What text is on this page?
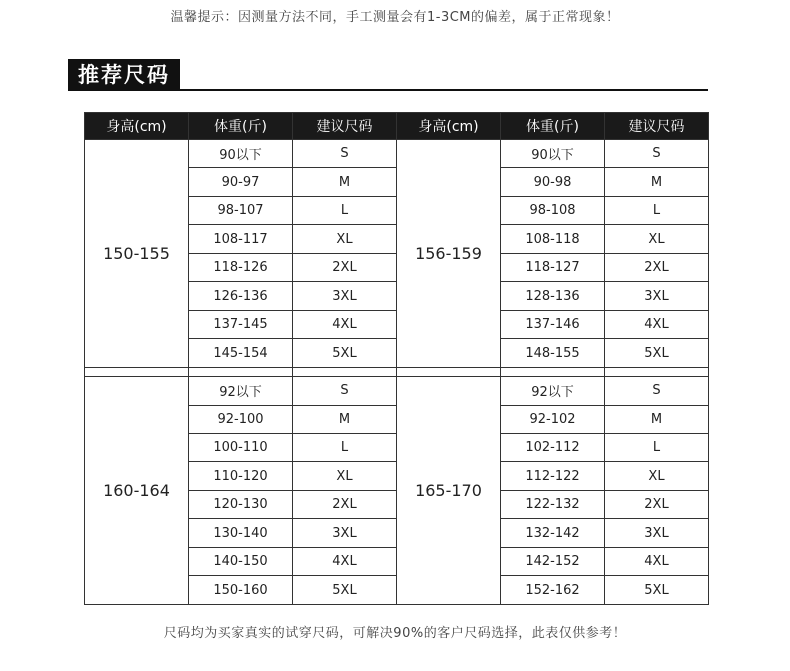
温馨提示：因测量方法不同，手工测量会有1-3CM的偏差，属于正常现象！
推荐尺码
身高(cm)	体重(斤)	建议尺码	身高(cm)	体重(斤)	建议尺码
150-155	90以下	S	156-159	90以下	S
	90-97	M		90-98	M
	98-107	L		98-108	L
	108-117	XL		108-118	XL
	118-126	2XL		118-127	2XL
	126-136	3XL		128-136	3XL
	137-145	4XL		137-146	4XL
	145-154	5XL		148-155	5XL

160-164	92以下	S	165-170	92以下	S
	92-100	M		92-102	M
	100-110	L		102-112	L
	110-120	XL		112-122	XL
	120-130	2XL		122-132	2XL
	130-140	3XL		132-142	3XL
	140-150	4XL		142-152	4XL
	150-160	5XL		152-162	5XL
尺码均为买家真实的试穿尺码，可解决90%的客户尺码选择，此表仅供参考！
